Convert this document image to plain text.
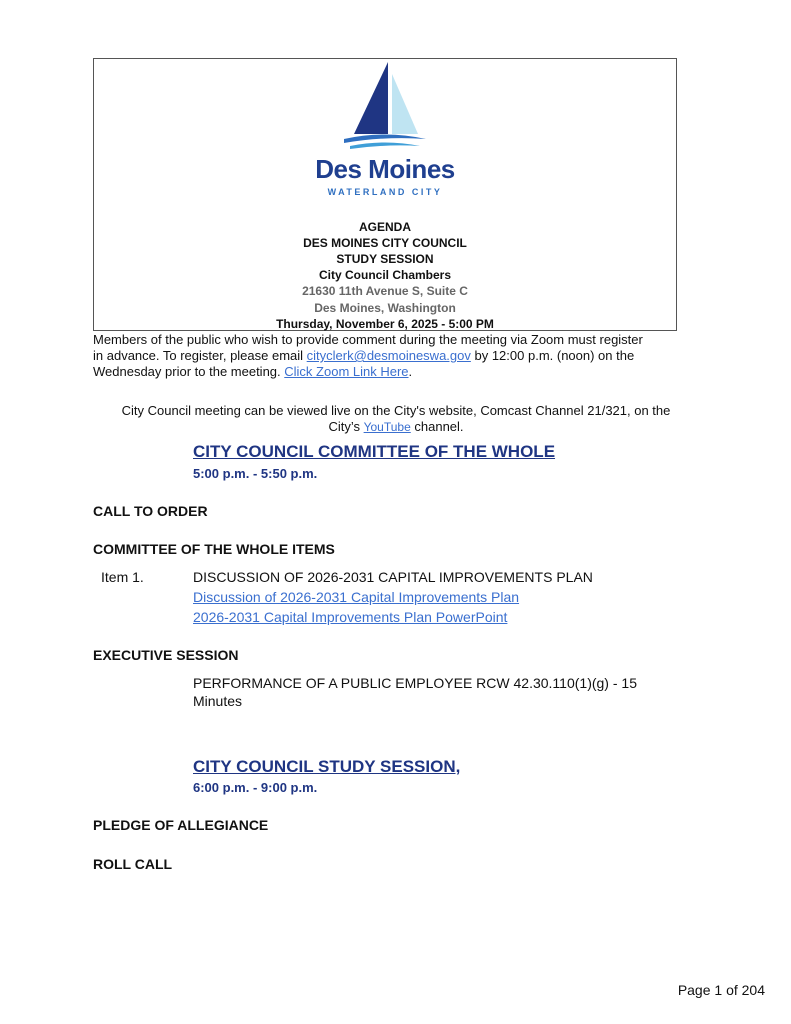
Des Moines
WATERLAND CITY
AGENDA
DES MOINES CITY COUNCIL
STUDY SESSION
City Council Chambers
21630 11th Avenue S, Suite C
Des Moines, Washington
Thursday, November 6, 2025 - 5:00 PM
Members of the public who wish to provide comment during the meeting via Zoom must register
in advance. To register, please email cityclerk@desmoineswa.gov by 12:00 p.m. (noon) on the
Wednesday prior to the meeting. Click Zoom Link Here.
City Council meeting can be viewed live on the City's website, Comcast Channel 21/321, on the
City’s YouTube channel.
CITY COUNCIL COMMITTEE OF THE WHOLE
5:00 p.m. - 5:50 p.m.
CALL TO ORDER
COMMITTEE OF THE WHOLE ITEMS
Item 1.	DISCUSSION OF 2026-2031 CAPITAL IMPROVEMENTS PLAN
Discussion of 2026-2031 Capital Improvements Plan
2026-2031 Capital Improvements Plan PowerPoint
EXECUTIVE SESSION
PERFORMANCE OF A PUBLIC EMPLOYEE RCW 42.30.110(1)(g) - 15
Minutes
CITY COUNCIL STUDY SESSION,
6:00 p.m. - 9:00 p.m.
PLEDGE OF ALLEGIANCE
ROLL CALL
Page 1 of 204
